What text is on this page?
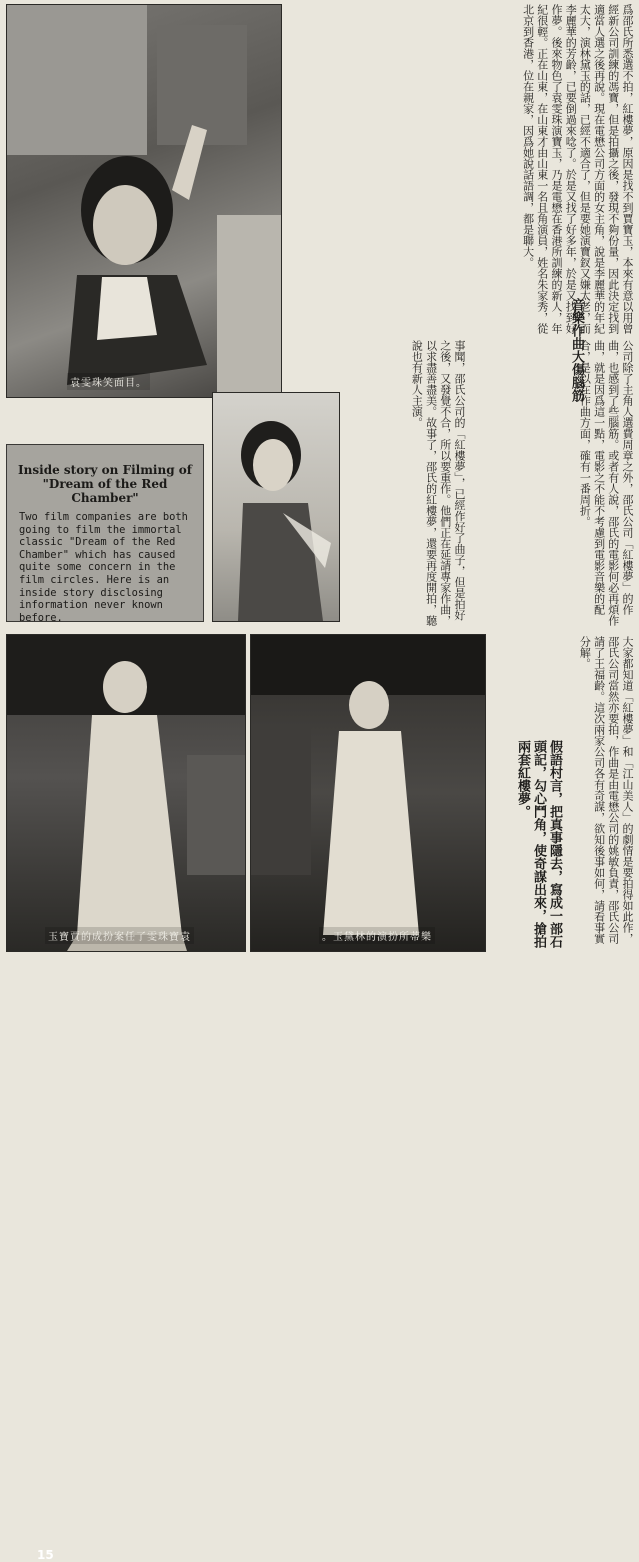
袁雯珠笑面目。
Inside story on Filming of "Dream of the Red Chamber"

Two film companies are both going to film the immortal classic "Dream of the Red Chamber" which has caused quite some concern in the film circles. Here is an inside story disclosing information never known before.

玉寶賈的成扮案任了雯珠寶袁
15
。玉黛林的演扮所蒂樂
爲邵氏所悉選不拍，紅樓夢，原因是找不到賈寶玉，本來有意以用曾經新公司訓練的馮寶，但是拍攝之後，發現不夠份量，因此決定找到適當人選之後再說。現在電懋公司方面的女主角，說是李麗華的年紀太大，演林黛玉的話，已經不適合了，但是要她演寶釵又嫌太老，而李麗華的芳齡，已要倒過來唸了。於是又找了好多年，於是又找到好作夢。後來物色了袁雯珠演寶玉，乃是電懋在香港所訓練的新人，年紀很輕。正在山東，在山東才由山東一名且角演員，姓名朱家秀，從北京到香港，位在親家，因爲她說話語調，都是聯大。
公司除了主角人選費周章之外，邵氏公司「紅樓夢」的作曲，也感到了些腦筋。或者有人說，邵氏的電影何必再煩作曲，就是因爲這一點，電影之不能不考慮到電影音樂的配合，是以在作曲方面，確有一番周折。
音樂作曲大傷腦筋
事聞，邵氏公司的「紅樓夢」，已經作好了曲子，但是拍好之後，又發覺不合，所以要重作。他們正在延請專家作曲，以求盡善盡美。故事了，邵氏的紅樓夢，還要再度開拍，聽說也有新人主演。
假語村言，把真事隱去，寫成一部石頭記，勾心鬥角，使奇謀出來，搶拍兩套紅樓夢。	大家都知道「紅樓夢」和「江山美人」的劇情是要拍得如此作，邵氏公司當然亦要拍，作曲是由電懋公司的姚敏負責，邵氏公司請了王福齡。這次兩家公司各有奇謀，欲知後事如何，請看事實分解。
